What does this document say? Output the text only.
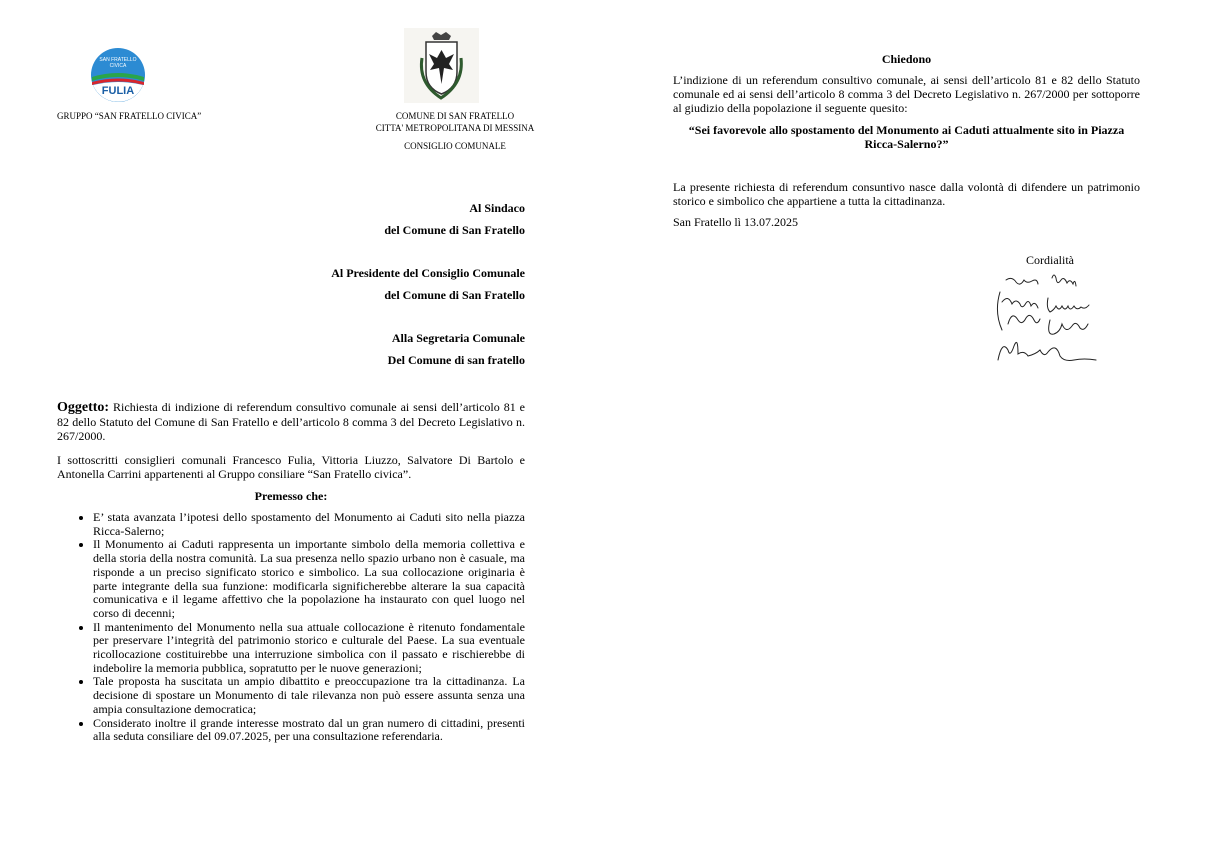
SAN FRATELLO
CIVICA
FULIA
GRUPPO “SAN FRATELLO CIVICA”	COMUNE DI SAN FRATELLO
CITTA' METROPOLITANA DI MESSINA
CONSIGLIO COMUNALE
Al Sindaco
del Comune di San Fratello
Al Presidente del Consiglio Comunale
del Comune di San Fratello
Alla Segretaria Comunale
Del Comune di san fratello
Oggetto: Richiesta di indizione di referendum consultivo comunale ai sensi dell’articolo 81 e 82 dello Statuto del Comune di San Fratello e dell’articolo 8 comma 3 del Decreto Legislativo n. 267/2000.
I sottoscritti consiglieri comunali Francesco Fulia, Vittoria Liuzzo, Salvatore Di Bartolo e Antonella Carrini appartenenti al Gruppo consiliare “San Fratello civica”.
Premesso che:
• E’ stata avanzata l’ipotesi dello spostamento del Monumento ai Caduti sito nella piazza Ricca-Salerno;
• Il Monumento ai Caduti rappresenta un importante simbolo della memoria collettiva e della storia della nostra comunità. La sua presenza nello spazio urbano non è casuale, ma risponde a un preciso significato storico e simbolico. La sua collocazione originaria è parte integrante della sua funzione: modificarla significherebbe alterare la sua capacità comunicativa e il legame affettivo che la popolazione ha instaurato con quel luogo nel corso di decenni;
• Il mantenimento del Monumento nella sua attuale collocazione è ritenuto fondamentale per preservare l’integrità del patrimonio storico e culturale del Paese. La sua eventuale ricollocazione costituirebbe una interruzione simbolica con il passato e rischierebbe di indebolire la memoria pubblica, sopratutto per le nuove generazioni;
• Tale proposta ha suscitata un ampio dibattito e preoccupazione tra la cittadinanza. La decisione di spostare un Monumento di tale rilevanza non può essere assunta senza una ampia consultazione democratica;
• Considerato inoltre il grande interesse mostrato dal un gran numero di cittadini, presenti alla seduta consiliare del 09.07.2025, per una consultazione referendaria.
Chiedono
L’indizione di un referendum consultivo comunale, ai sensi dell’articolo 81 e 82 dello Statuto comunale ed ai sensi dell’articolo 8 comma 3 del Decreto Legislativo n. 267/2000 per sottoporre al giudizio della popolazione il seguente quesito:
“Sei favorevole allo spostamento del Monumento ai Caduti attualmente sito in Piazza Ricca-Salerno?”
La presente richiesta di referendum consuntivo nasce dalla volontà di difendere un patrimonio storico e simbolico che appartiene a tutta la cittadinanza.
San Fratello lì 13.07.2025
Cordialità
